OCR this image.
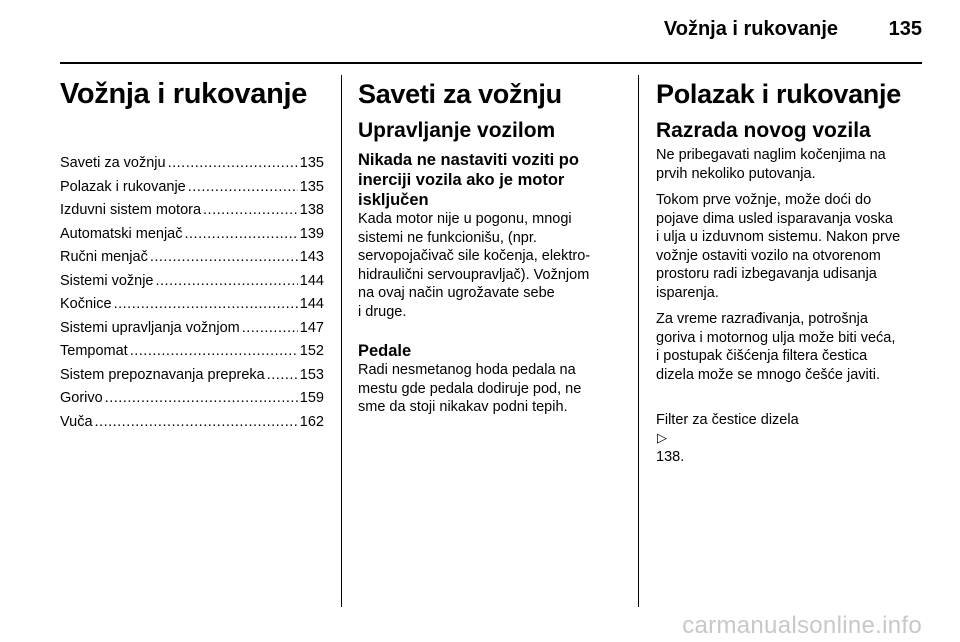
Vožnja i rukovanje	135
Vožnja i rukovanje
Saveti za vožnju .....	135
Polazak i rukovanje .....	135
Izduvni sistem motora .....	138
Automatski menjač .....	139
Ručni menjač .....	143
Sistemi vožnje .....	144
Kočnice .....	144
Sistemi upravljanja vožnjom .....	147
Tempomat .....	152
Sistem prepoznavanja prepreka ..... 153
Gorivo .....	159
Vuča .....	162
Saveti za vožnju
Upravljanje vozilom
Nikada ne nastaviti voziti po
inerciji vozila ako je motor
isključen
Kada motor nije u pogonu, mnogi
sistemi ne funkcionišu, (npr.
servopojačivač sile kočenja, elektro-
hidraulični servoupravljač). Vožnjom
na ovaj način ugrožavate sebe
i druge.
Pedale
Radi nesmetanog hoda pedala na
mestu gde pedala dodiruje pod, ne
sme da stoji nikakav podni tepih.
Polazak i rukovanje
Razrada novog vozila
Ne pribegavati naglim kočenjima na
prvih nekoliko putovanja.
Tokom prve vožnje, može doći do
pojave dima usled isparavanja voska
i ulja u izduvnom sistemu. Nakon prve
vožnje ostaviti vozilo na otvorenom
prostoru radi izbegavanja udisanja
isparenja.
Za vreme razrađivanja, potrošnja
goriva i motornog ulja može biti veća,
i postupak čišćenja filtera čestica
dizela može se mnogo češće javiti.

Filter za čestice dizela
▷
138.

carmanualsonline.info
